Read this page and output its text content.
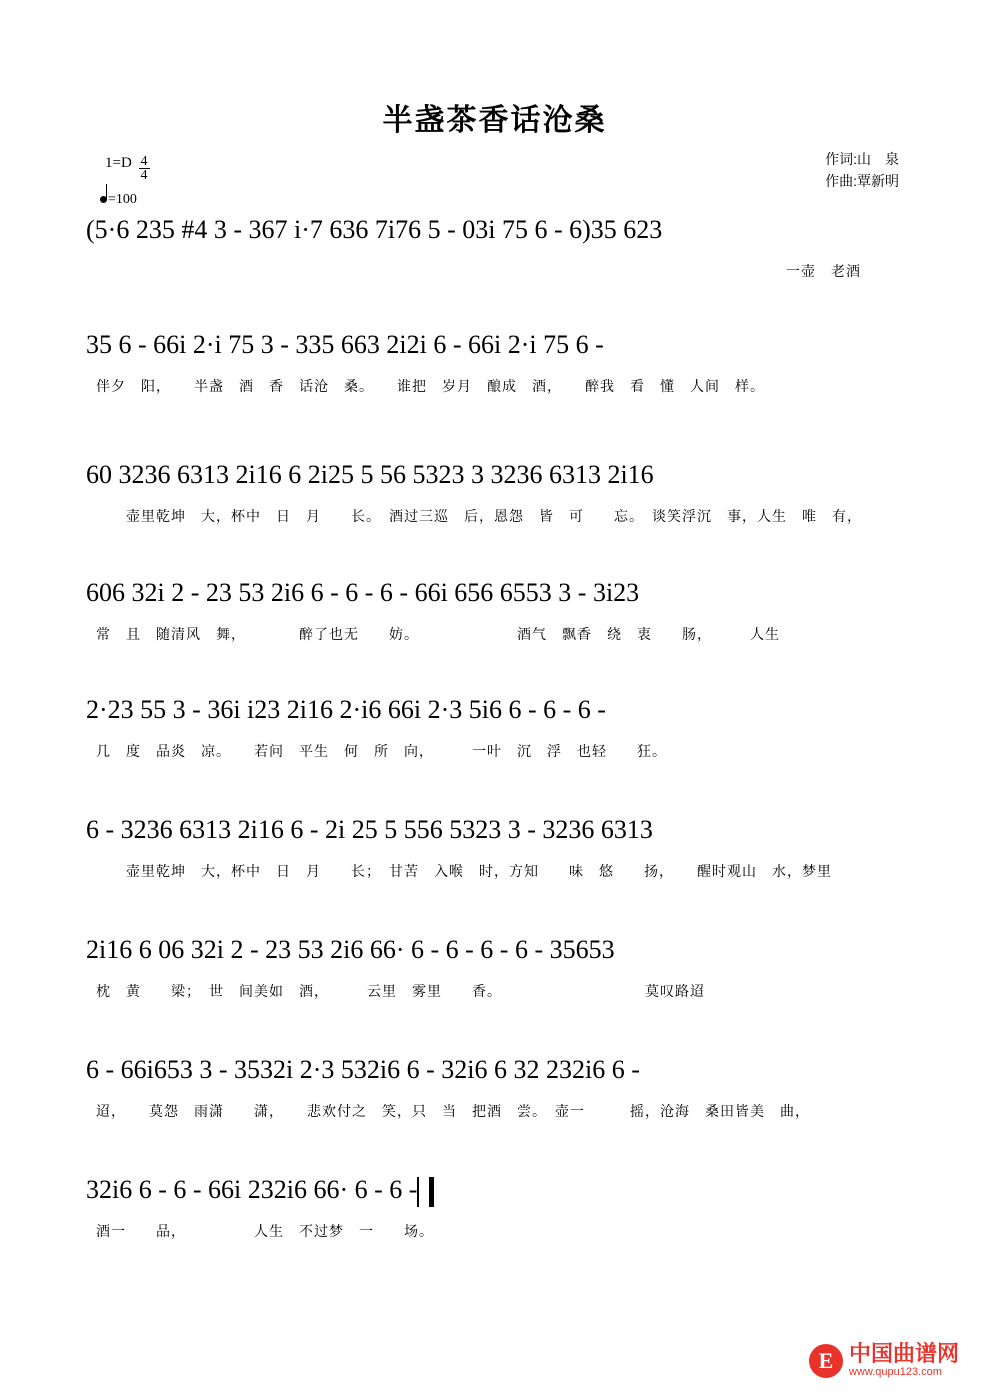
半盏茶香话沧桑
作词:山　泉
作曲:覃新明
$1=D \frac{4}{4}$
=100
(5·6 235 #4 3 - 367 i·7 636 7i76 5 - 03i 75 6 - 6)35 623
一壶　老酒
35 6 - 66i 2·i 75 3 - 335 663 2i2i 6 - 66i 2·i 75 6 -
伴夕　阳，　　半盏　酒　香　话沧　桑。　　谁把　岁月　酿成　酒，　　醉我　看　懂　人间　样。
60 3236 6313 2i16 6 2i25 5 56 5323 3 3236 6313 2i16
壶里乾坤　大，杯中　日　月　　长。　酒过三巡　后，恩怨　皆　可　　忘。　谈笑浮沉　事，人生　唯　有，
606 32i 2 - 23 53 2i6 6 - 6 - 6 - 66i 656 6553 3 - 3i23
常　且　随清风　舞，　　　　醉了也无　　妨。　　　　　　　酒气　飘香　绕　衷　　肠，　　　人生
2·23 55 3 - 36i i23 2i16 2·i6 66i 2·3 5i6 6 - 6 - 6 -
几　度　品炎　凉。　　若问　平生　何　所　向，　　　一叶　沉　浮　也轻　　狂。
6 - 3236 6313 2i16 6 - 2i 25 5 556 5323 3 - 3236 6313
壶里乾坤　大，杯中　日　月　　长；　甘苦　入喉　时，方知　　味　悠　　扬，　　醒时观山　水，梦里
2i16 6 06 32i 2 - 23 53 2i6 66· 6 - 6 - 6 - 6 - 35653
枕　黄　　梁；　世　间美如　酒，　　　云里　雾里　　香。　　　　　　　　　　莫叹路迢
6 - 66i653 3 - 3532i 2·3 532i6 6 - 32i6 6 32 232i6 6 -
迢，　　莫怨　雨潇　　潇，　　悲欢付之　笑，只　当　把酒　尝。　壶一　　　摇，沧海　桑田皆美　曲，
32i6 6 - 6 - 66i 232i6 66· 6 - 6 -
酒一　　品，　　　　　人生　不过梦　一　　场。
E 中国曲谱网
www.qupu123.com
